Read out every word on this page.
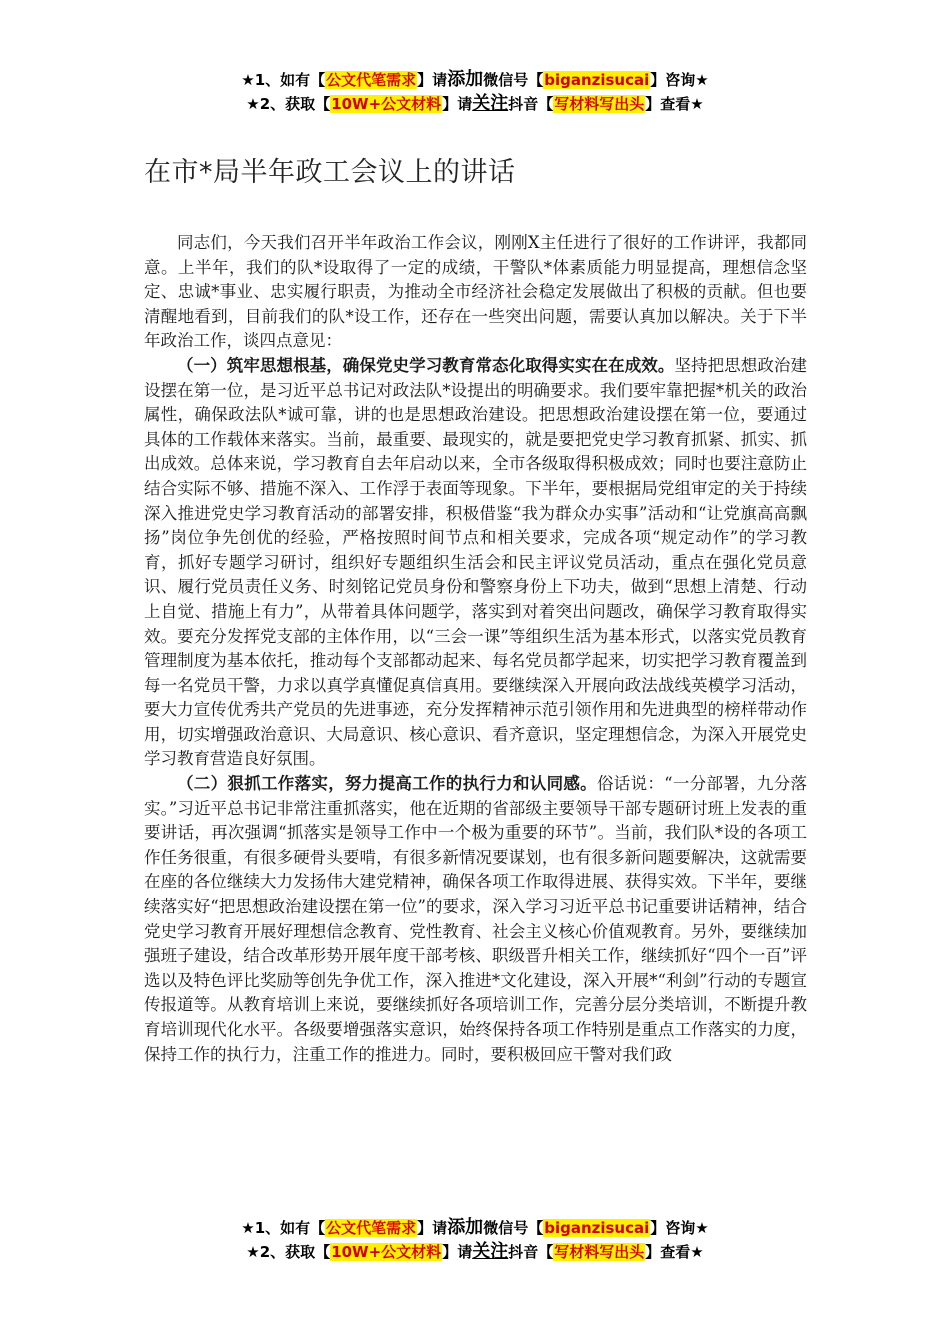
★1、如有【公文代笔需求】请添加微信号【biganzisucai】咨询★
★2、获取【10W+公文材料】请关注抖音【写材料写出头】查看★
在市*局半年政工会议上的讲话

同志们，今天我们召开半年政治工作会议，刚刚X主任进行了很好的工作讲评，我都同意。上半年，我们的队*设取得了一定的成绩，干警队*体素质能力明显提高，理想信念坚定、忠诚*事业、忠实履行职责，为推动全市经济社会稳定发展做出了积极的贡献。但也要清醒地看到，目前我们的队*设工作，还存在一些突出问题，需要认真加以解决。关于下半年政治工作，谈四点意见：

（一）筑牢思想根基，确保党史学习教育常态化取得实实在在成效。坚持把思想政治建设摆在第一位，是习近平总书记对政法队*设提出的明确要求。我们要牢靠把握*机关的政治属性，确保政法队*诚可靠，讲的也是思想政治建设。把思想政治建设摆在第一位，要通过具体的工作载体来落实。当前，最重要、最现实的，就是要把党史学习教育抓紧、抓实、抓出成效。总体来说，学习教育自去年启动以来，全市各级取得积极成效；同时也要注意防止结合实际不够、措施不深入、工作浮于表面等现象。下半年，要根据局党组审定的关于持续深入推进党史学习教育活动的部署安排，积极借鉴“我为群众办实事”活动和“让党旗高高飘扬”岗位争先创优的经验，严格按照时间节点和相关要求，完成各项“规定动作”的学习教育，抓好专题学习研讨，组织好专题组织生活会和民主评议党员活动，重点在强化党员意识、履行党员责任义务、时刻铭记党员身份和警察身份上下功夫，做到“思想上清楚、行动上自觉、措施上有力”，从带着具体问题学，落实到对着突出问题改，确保学习教育取得实效。要充分发挥党支部的主体作用，以“三会一课”等组织生活为基本形式，以落实党员教育管理制度为基本依托，推动每个支部都动起来、每名党员都学起来，切实把学习教育覆盖到每一名党员干警，力求以真学真懂促真信真用。要继续深入开展向政法战线英模学习活动，要大力宣传优秀共产党员的先进事迹，充分发挥精神示范引领作用和先进典型的榜样带动作用，切实增强政治意识、大局意识、核心意识、看齐意识，坚定理想信念，为深入开展党史学习教育营造良好氛围。

（二）狠抓工作落实，努力提高工作的执行力和认同感。俗话说：“一分部署，九分落实。”习近平总书记非常注重抓落实，他在近期的省部级主要领导干部专题研讨班上发表的重要讲话，再次强调“抓落实是领导工作中一个极为重要的环节”。当前，我们队*设的各项工作任务很重，有很多硬骨头要啃，有很多新情况要谋划，也有很多新问题要解决，这就需要在座的各位继续大力发扬伟大建党精神，确保各项工作取得进展、获得实效。下半年，要继续落实好“把思想政治建设摆在第一位”的要求，深入学习习近平总书记重要讲话精神，结合党史学习教育开展好理想信念教育、党性教育、社会主义核心价值观教育。另外，要继续加强班子建设，结合改革形势开展年度干部考核、职级晋升相关工作，继续抓好“四个一百”评选以及特色评比奖励等创先争优工作，深入推进*文化建设，深入开展*“利剑”行动的专题宣传报道等。从教育培训上来说，要继续抓好各项培训工作，完善分层分类培训，不断提升教育培训现代化水平。各级要增强落实意识，始终保持各项工作特别是重点工作落实的力度，保持工作的执行力，注重工作的推进力。同时，要积极回应干警对我们政

★1、如有【公文代笔需求】请添加微信号【biganzisucai】咨询★
★2、获取【10W+公文材料】请关注抖音【写材料写出头】查看★
